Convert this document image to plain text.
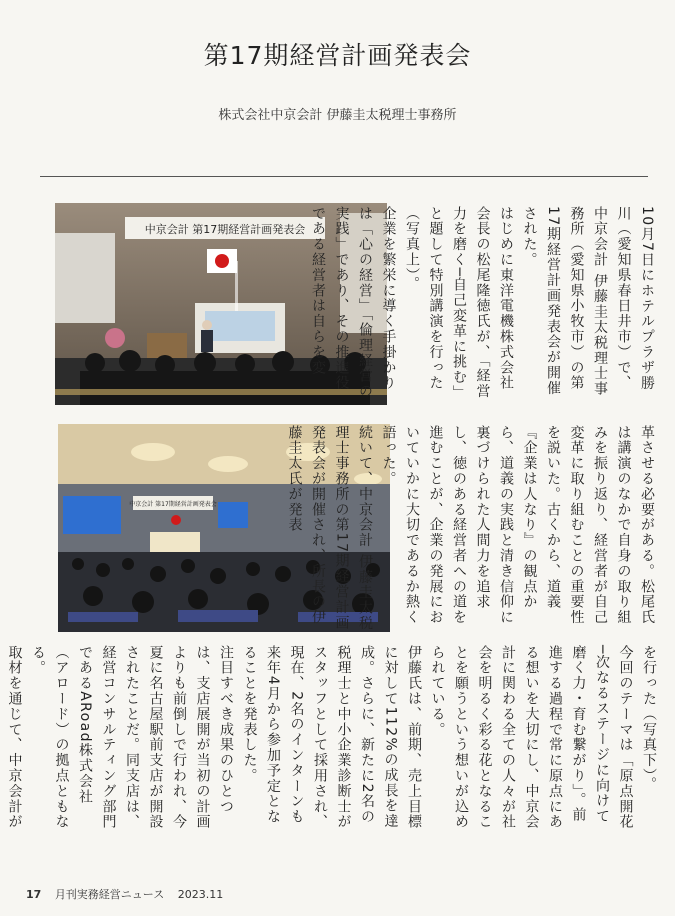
第17期経営計画発表会
株式会社中京会計 伊藤圭太税理士事務所
中京会計 第17期経営計画発表会
中京会計 第17期経営計画発表会
10月7日にホテルプラザ勝川（愛知県春日井市）で、中京会計 伊藤圭太税理士事務所（愛知県小牧市）の第17期経営計画発表会が開催された。
はじめに東洋電機株式会社会長の松尾隆徳氏が、「経営力を磨く─自己変革に挑む」と題して特別講演を行った（写真上）。
企業を繁栄に導く手掛かりは「心の経営」「倫理経営の実践」であり、その推進役である経営者は自らを変
革させる必要がある。松尾氏は講演のなかで自身の取り組みを振り返り、経営者が自己変革に取り組むことの重要性を説いた。古くから、道義『企業は人なり』の観点から、道義の実践と清き信仰に裏づけられた人間力を追求し、徳のある経営者への道を進むことが、企業の発展においていかに大切であるか熱く語った。
続いて、中京会計 伊藤圭太税理士事務所の第17期経営計画発表会が開催され、所長の伊藤圭太氏が発表
を行った（写真下）。
今回のテーマは「原点開花─次なるステージに向けて磨く力・育む繋がり」。前進する過程で常に原点にある想いを大切にし、中京会計に関わる全ての人々が社会を明るく彩る花となることを願うという想いが込められている。
伊藤氏は、前期、売上目標に対して112%の成長を達成。さらに、新たに2名の税理士と中小企業診断士がスタッフとして採用され、現在、2名のインターンも来年4月から参加予定となることを発表した。
注目すべき成果のひとつは、支店展開が当初の計画よりも前倒しで行われ、今夏に名古屋駅前支店が開設されたことだ。同支店は、経営コンサルティング部門であるARoad株式会社（アロード）の拠点ともなる。
取材を通じて、中京会計が
17 月刊実務経営ニュース 2023.11
